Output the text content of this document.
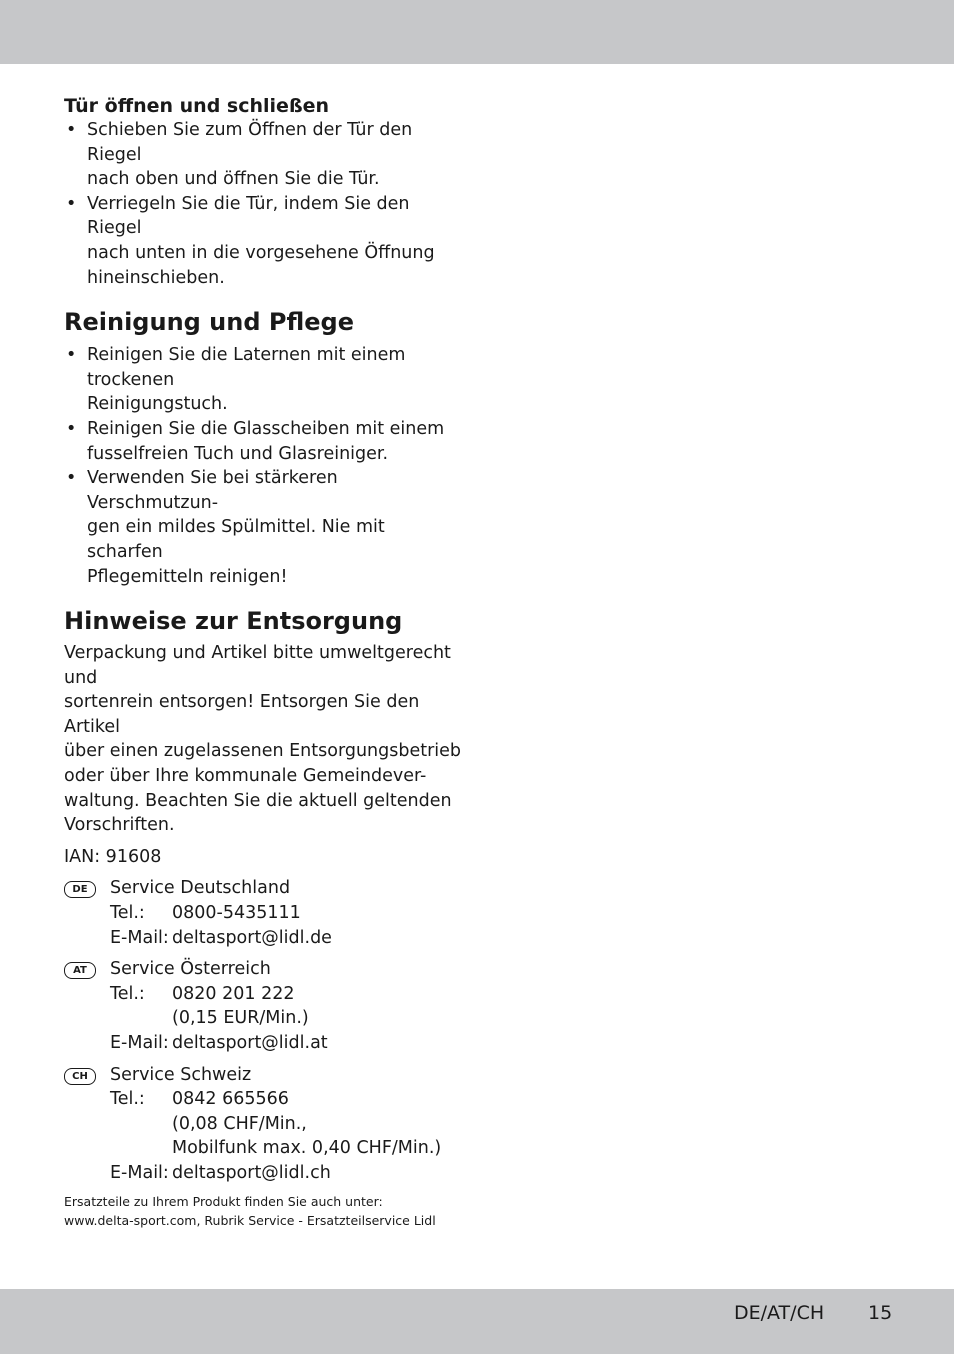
Tür öffnen und schließen
• Schieben Sie zum Öffnen der Tür den Riegel
nach oben und öffnen Sie die Tür.
• Verriegeln Sie die Tür, indem Sie den Riegel
nach unten in die vorgesehene Öffnung
hineinschieben.
Reinigung und Pflege
• Reinigen Sie die Laternen mit einem trockenen
Reinigungstuch.
• Reinigen Sie die Glasscheiben mit einem
fusselfreien Tuch und Glasreiniger.
• Verwenden Sie bei stärkeren Verschmutzun-
gen ein mildes Spülmittel. Nie mit scharfen
Pflegemitteln reinigen!
Hinweise zur Entsorgung

Verpackung und Artikel bitte umweltgerecht und
sortenrein entsorgen! Entsorgen Sie den Artikel
über einen zugelassenen Entsorgungsbetrieb
oder über Ihre kommunale Gemeindever-
waltung. Beachten Sie die aktuell geltenden
Vorschriften.

IAN: 91608

DE	Service Deutschland
Tel.:	0800-5435111
E-Mail: deltasport@lidl.de
AT	Service Österreich
Tel.:	0820 201 222
(0,15 EUR/Min.)
E-Mail: deltasport@lidl.at
CH	Service Schweiz
Tel.:	0842 665566
(0,08 CHF/Min.,
Mobilfunk max. 0,40 CHF/Min.)
E-Mail: deltasport@lidl.ch

Ersatzteile zu Ihrem Produkt finden Sie auch unter:
www.delta-sport.com, Rubrik Service - Ersatzteilservice Lidl

DE/AT/CH 15
